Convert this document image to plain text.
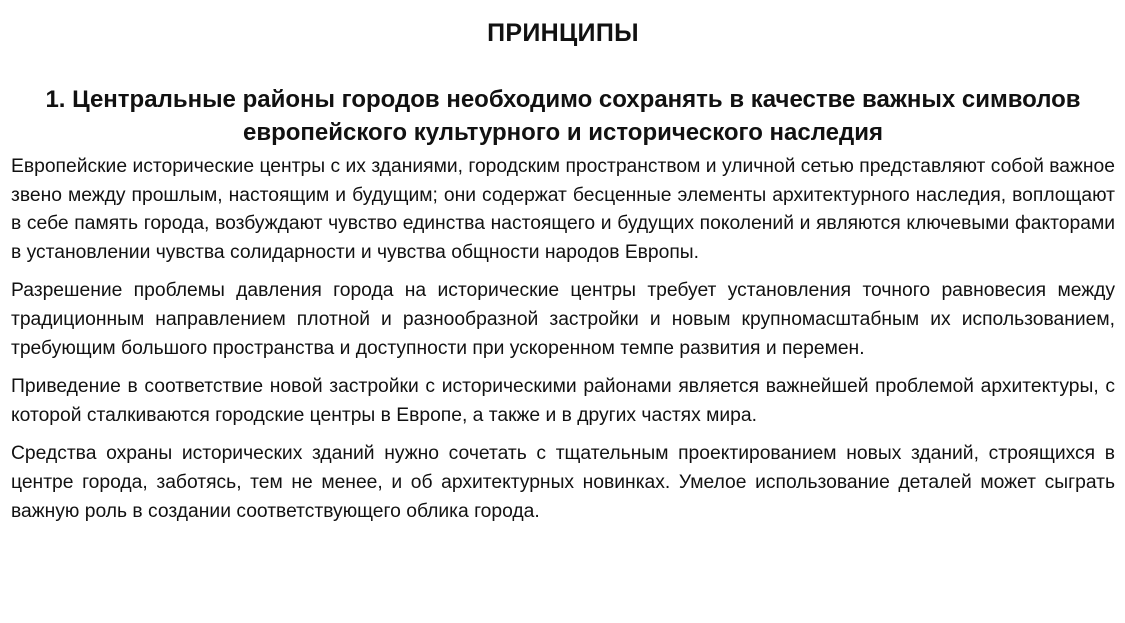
ПРИНЦИПЫ
1. Центральные районы городов необходимо сохранять в качестве важных символов европейского культурного и исторического наследия

Европейские исторические центры с их зданиями, городским пространством и уличной сетью представляют собой важное звено между прошлым, настоящим и будущим; они содержат бесценные элементы архитектурного наследия, воплощают в себе память города, возбуждают чувство единства настоящего и будущих поколений и являются ключевыми факторами в установлении чувства солидарности и чувства общности народов Европы.

Разрешение проблемы давления города на исторические центры требует установления точного равновесия между традиционным направлением плотной и разнообразной застройки и новым крупномасштабным их использованием, требующим большого пространства и доступности при ускоренном темпе развития и перемен.

Приведение в соответствие новой застройки с историческими районами является важнейшей проблемой архитектуры, с которой сталкиваются городские центры в Европе, а также и в других частях мира.

Средства охраны исторических зданий нужно сочетать с тщательным проектированием новых зданий, строящихся в центре города, заботясь, тем не менее, и об архитектурных новинках. Умелое использование деталей может сыграть важную роль в создании соответствующего облика города.
